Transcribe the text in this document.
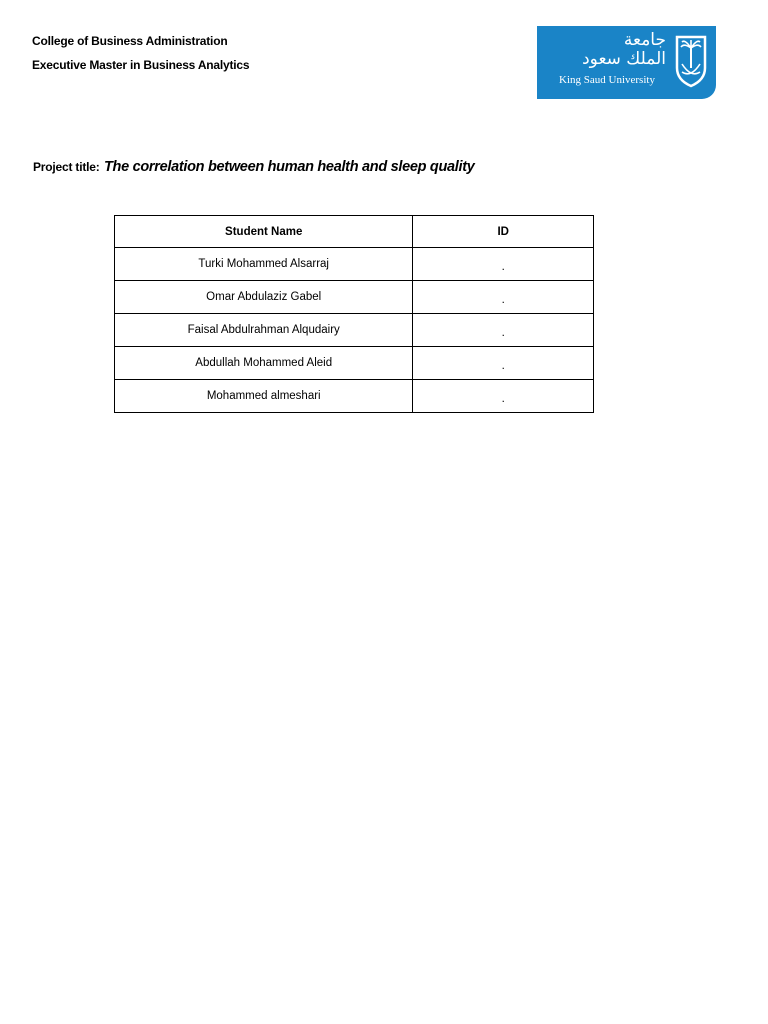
College of Business Administration
Executive Master in Business Analytics
جامعة
الملك سعود
King Saud University
Project title: The correlation between human health and sleep quality
Student Name	ID
Turki Mohammed Alsarraj	.
Omar Abdulaziz Gabel	.
Faisal Abdulrahman Alqudairy	.
Abdullah Mohammed Aleid	.
Mohammed almeshari	.
